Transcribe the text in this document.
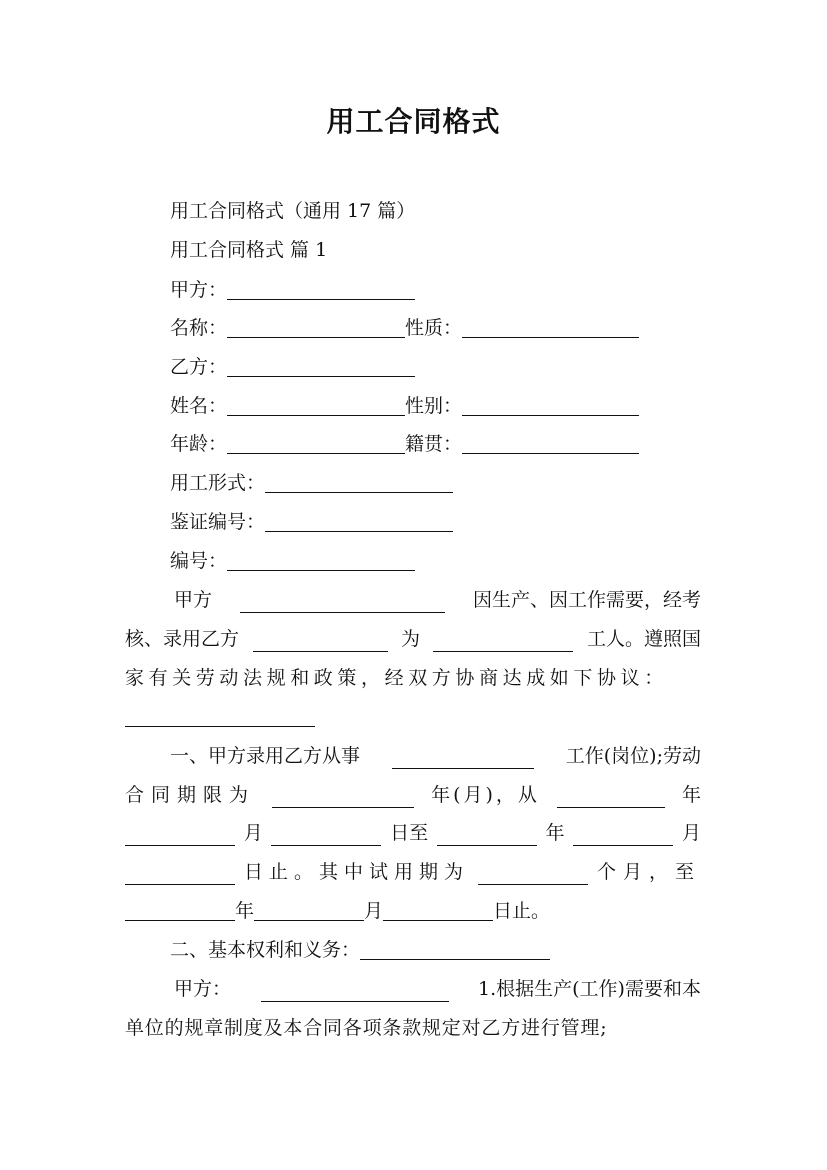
用工合同格式
用工合同格式（通用 17 篇）
用工合同格式 篇 1
甲方：
名称：	性质：
乙方：
姓名：	性别：
年龄：	籍贯：
用工形式：
鉴证编号：
编号：
甲方	因生产、因工作需要，经考
核、录用乙方	为	工人。遵照国
家有关劳动法规和政策，经双方协商达成如下协议：
一、甲方录用乙方从事	工作(岗位);劳动
合同期限为	年(月)，从	年
月	日至	年	月
日止。其中试用期为	个月，至
年	月	日止。
二、基本权利和义务：
甲方：	1.根据生产(工作)需要和本
单位的规章制度及本合同各项条款规定对乙方进行管理;
